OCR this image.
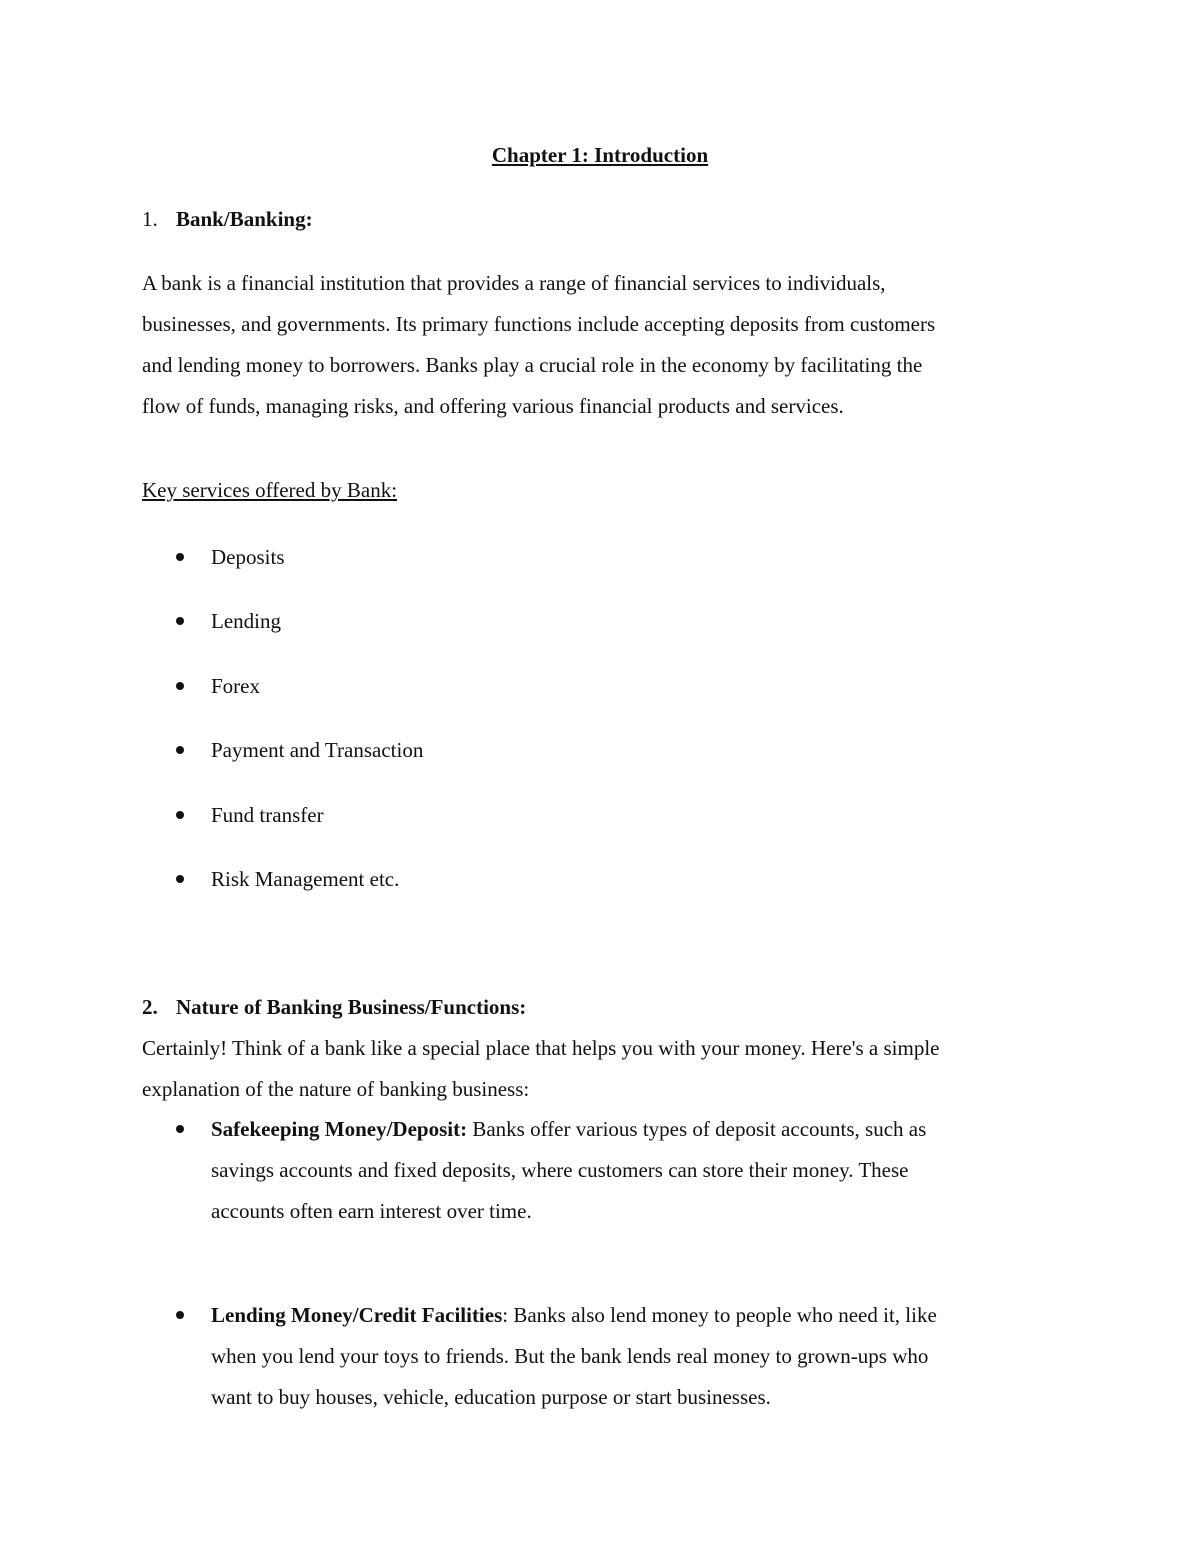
Chapter 1: Introduction
1. Bank/Banking:
A bank is a financial institution that provides a range of financial services to individuals,
businesses, and governments. Its primary functions include accepting deposits from customers
and lending money to borrowers. Banks play a crucial role in the economy by facilitating the
flow of funds, managing risks, and offering various financial products and services.
Key services offered by Bank:
Deposits
Lending
Forex
Payment and Transaction
Fund transfer
Risk Management etc.
2. Nature of Banking Business/Functions:
Certainly! Think of a bank like a special place that helps you with your money. Here's a simple
explanation of the nature of banking business:
Safekeeping Money/Deposit: Banks offer various types of deposit accounts, such as
savings accounts and fixed deposits, where customers can store their money. These
accounts often earn interest over time.
Lending Money/Credit Facilities: Banks also lend money to people who need it, like
when you lend your toys to friends. But the bank lends real money to grown-ups who
want to buy houses, vehicle, education purpose or start businesses.
